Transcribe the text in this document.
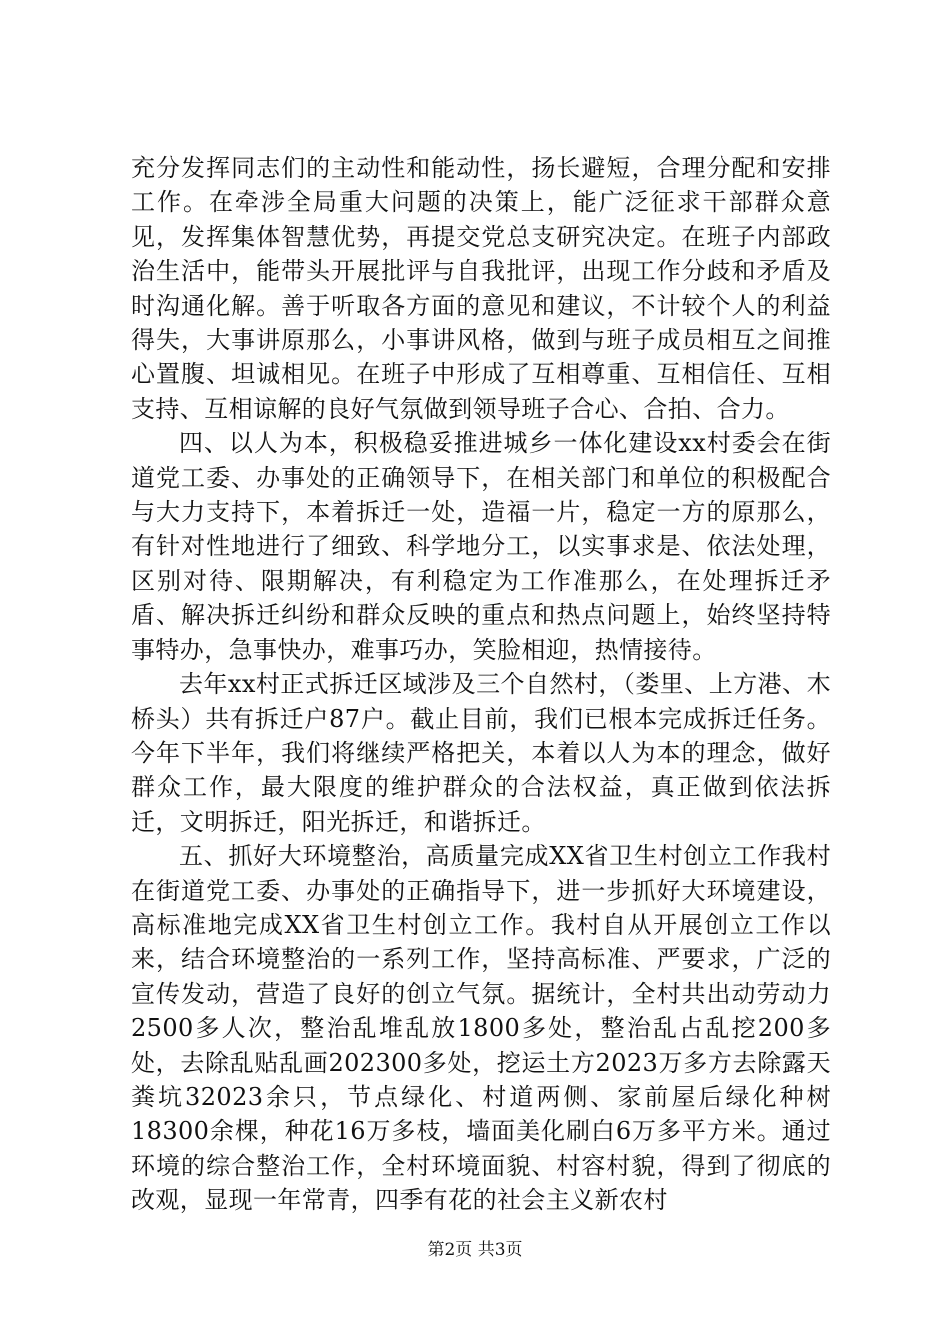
充分发挥同志们的主动性和能动性，扬长避短，合理分配和安排工作。在牵涉全局重大问题的决策上，能广泛征求干部群众意见，发挥集体智慧优势，再提交党总支研究决定。在班子内部政治生活中，能带头开展批评与自我批评，出现工作分歧和矛盾及时沟通化解。善于听取各方面的意见和建议，不计较个人的利益得失，大事讲原那么，小事讲风格，做到与班子成员相互之间推心置腹、坦诚相见。在班子中形成了互相尊重、互相信任、互相支持、互相谅解的良好气氛做到领导班子合心、合拍、合力。

四、以人为本，积极稳妥推进城乡一体化建设xx村委会在街道党工委、办事处的正确领导下，在相关部门和单位的积极配合与大力支持下，本着拆迁一处，造福一片，稳定一方的原那么，有针对性地进行了细致、科学地分工，以实事求是、依法处理，区别对待、限期解决，有利稳定为工作准那么，在处理拆迁矛盾、解决拆迁纠纷和群众反映的重点和热点问题上，始终坚持特事特办，急事快办，难事巧办，笑脸相迎，热情接待。

去年xx村正式拆迁区域涉及三个自然村，（娄里、上方港、木桥头）共有拆迁户87户。截止目前，我们已根本完成拆迁任务。今年下半年，我们将继续严格把关，本着以人为本的理念，做好群众工作，最大限度的维护群众的合法权益，真正做到依法拆迁，文明拆迁，阳光拆迁，和谐拆迁。

五、抓好大环境整治，高质量完成XX省卫生村创立工作我村在街道党工委、办事处的正确指导下，进一步抓好大环境建设，高标准地完成XX省卫生村创立工作。我村自从开展创立工作以来，结合环境整治的一系列工作，坚持高标准、严要求，广泛的宣传发动，营造了良好的创立气氛。据统计，全村共出动劳动力2500多人次，整治乱堆乱放1800多处，整治乱占乱挖200多处，去除乱贴乱画202300多处，挖运土方2023万多方去除露天粪坑32023余只，节点绿化、村道两侧、家前屋后绿化种树18300余棵，种花16万多枝，墙面美化刷白6万多平方米。通过环境的综合整治工作，全村环境面貌、村容村貌，得到了彻底的改观，显现一年常青，四季有花的社会主义新农村

第2页 共3页
